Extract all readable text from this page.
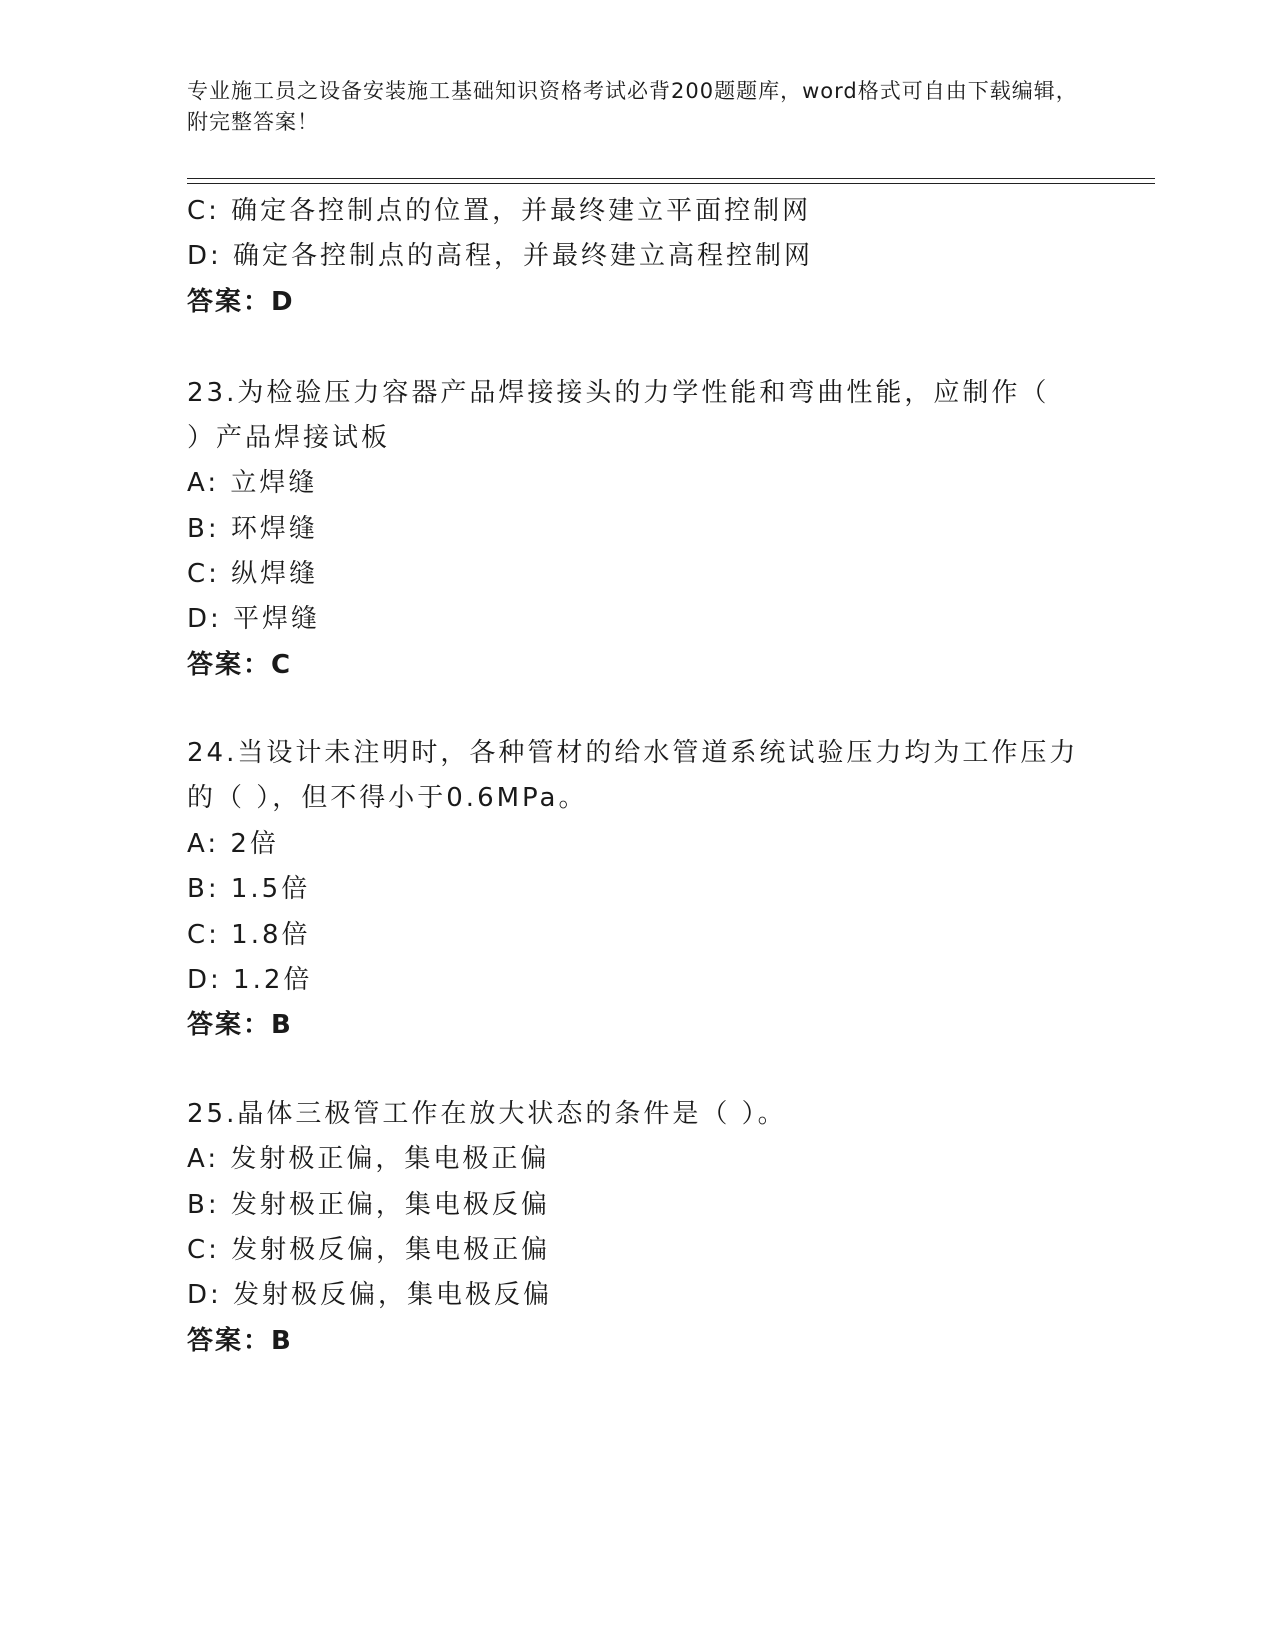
专业施工员之设备安装施工基础知识资格考试必背200题题库，word格式可自由下载编辑，附完整答案！
C: 确定各控制点的位置，并最终建立平面控制网
D: 确定各控制点的高程，并最终建立高程控制网
答案：D
23.为检验压力容器产品焊接接头的力学性能和弯曲性能，应制作（
）产品焊接试板
A: 立焊缝
B: 环焊缝
C: 纵焊缝
D: 平焊缝
答案：C
24.当设计未注明时，各种管材的给水管道系统试验压力均为工作压力
的（ ），但不得小于0.6MPa。
A: 2倍
B: 1.5倍
C: 1.8倍
D: 1.2倍
答案：B
25.晶体三极管工作在放大状态的条件是（ ）。
A: 发射极正偏，集电极正偏
B: 发射极正偏，集电极反偏
C: 发射极反偏，集电极正偏
D: 发射极反偏，集电极反偏
答案：B
